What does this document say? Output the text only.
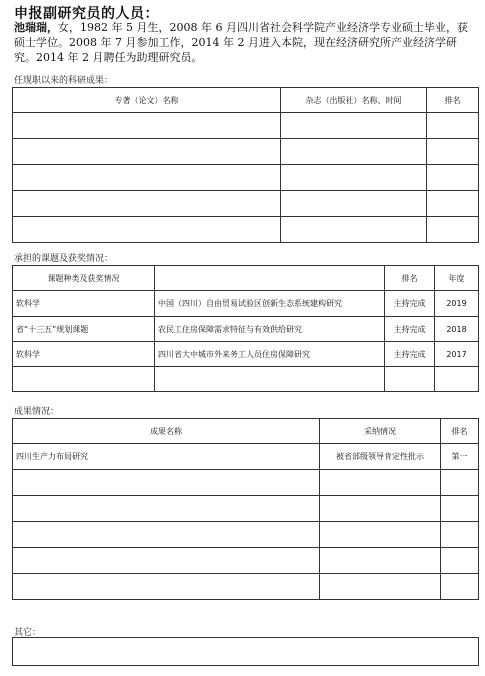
申报副研究员的人员：
池瑞瑞，女，1982 年 5 月生，2008 年 6 月四川省社会科学院产业经济学专业硕士毕业，获硕士学位。2008 年 7 月参加工作，2014 年 2 月进入本院，现在经济研究所产业经济学研究。2014 年 2 月聘任为助理研究员。
任现职以来的科研成果：
专著（论文）名称	杂志（出版社）名称、时间	排名

承担的课题及获奖情况：
课题种类及获奖情况		排名	年度
软科学	中国（四川）自由贸易试验区创新生态系统建构研究	主持完成	2019
省“十三五”规划课题	农民工住房保障需求特征与有效供给研究	主持完成	2018
软科学	四川省大中城市外来务工人员住房保障研究	主持完成	2017

成果情况：
成果名称	采纳情况	排名
四川生产力布局研究	被省部级领导肯定性批示	第一

其它：
